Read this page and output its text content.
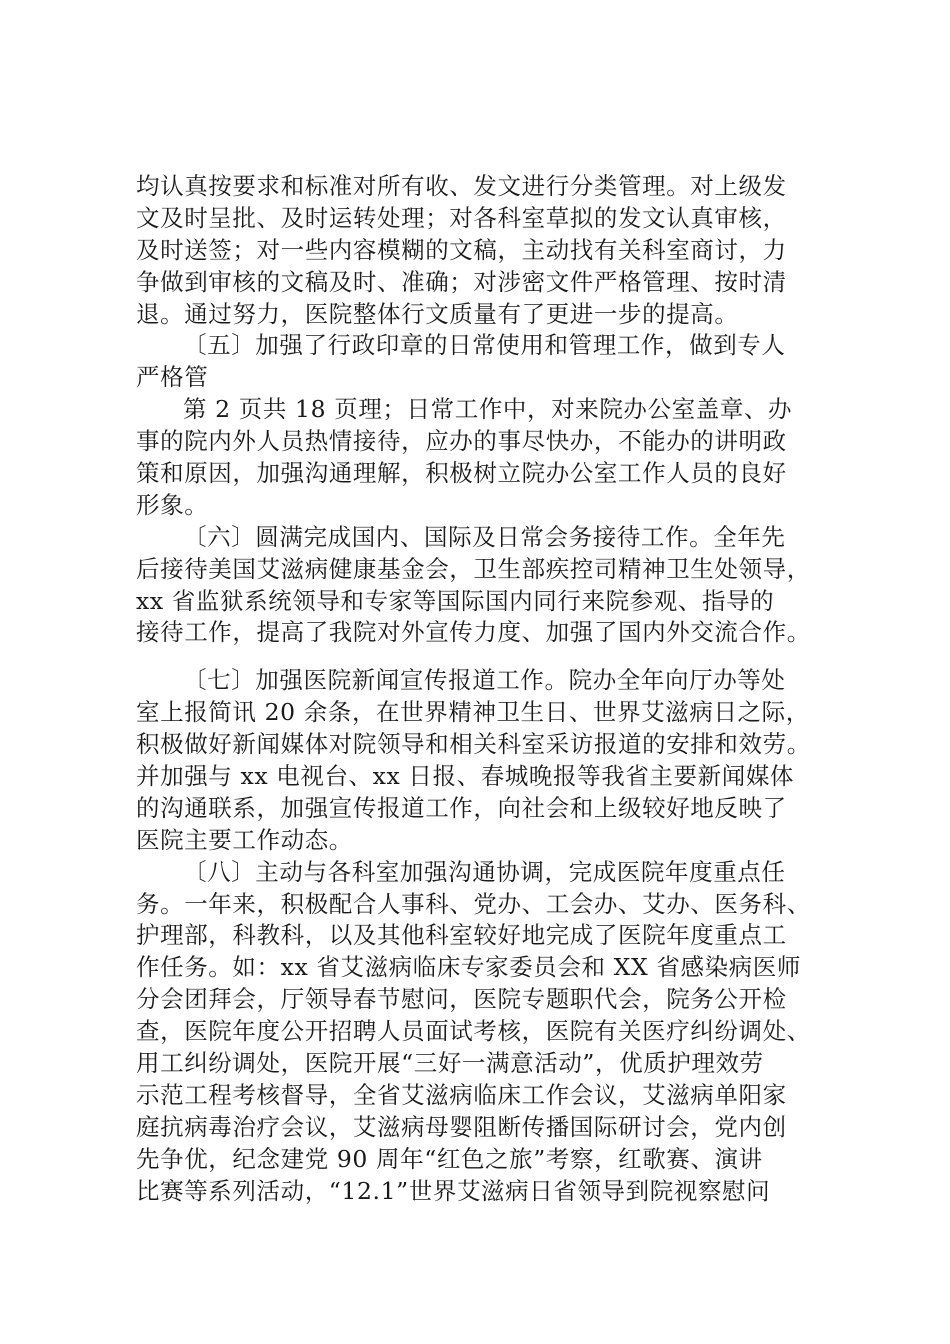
均认真按要求和标准对所有收、发文进行分类管理。对上级发
文及时呈批、及时运转处理；对各科室草拟的发文认真审核，
及时送签；对一些内容模糊的文稿，主动找有关科室商讨，力
争做到审核的文稿及时、准确；对涉密文件严格管理、按时清
退。通过努力，医院整体行文质量有了更进一步的提高。
〔五〕加强了行政印章的日常使用和管理工作，做到专人
严格管
第 2 页共 18 页理；日常工作中，对来院办公室盖章、办
事的院内外人员热情接待，应办的事尽快办，不能办的讲明政
策和原因，加强沟通理解，积极树立院办公室工作人员的良好
形象。
〔六〕圆满完成国内、国际及日常会务接待工作。全年先
后接待美国艾滋病健康基金会，卫生部疾控司精神卫生处领导，
xx 省监狱系统领导和专家等国际国内同行来院参观、指导的
接待工作，提高了我院对外宣传力度、加强了国内外交流合作。
〔七〕加强医院新闻宣传报道工作。院办全年向厅办等处
室上报简讯 20 余条，在世界精神卫生日、世界艾滋病日之际，
积极做好新闻媒体对院领导和相关科室采访报道的安排和效劳。
并加强与 xx 电视台、xx 日报、春城晚报等我省主要新闻媒体
的沟通联系，加强宣传报道工作，向社会和上级较好地反映了
医院主要工作动态。
〔八〕主动与各科室加强沟通协调，完成医院年度重点任
务。一年来，积极配合人事科、党办、工会办、艾办、医务科、
护理部，科教科，以及其他科室较好地完成了医院年度重点工
作任务。如：xx 省艾滋病临床专家委员会和 XX 省感染病医师
分会团拜会，厅领导春节慰问，医院专题职代会，院务公开检
查，医院年度公开招聘人员面试考核，医院有关医疗纠纷调处、
用工纠纷调处，医院开展“三好一满意活动”，优质护理效劳
示范工程考核督导，全省艾滋病临床工作会议，艾滋病单阳家
庭抗病毒治疗会议，艾滋病母婴阻断传播国际研讨会，党内创
先争优，纪念建党 90 周年“红色之旅”考察，红歌赛、演讲
比赛等系列活动，“12.1”世界艾滋病日省领导到院视察慰问
